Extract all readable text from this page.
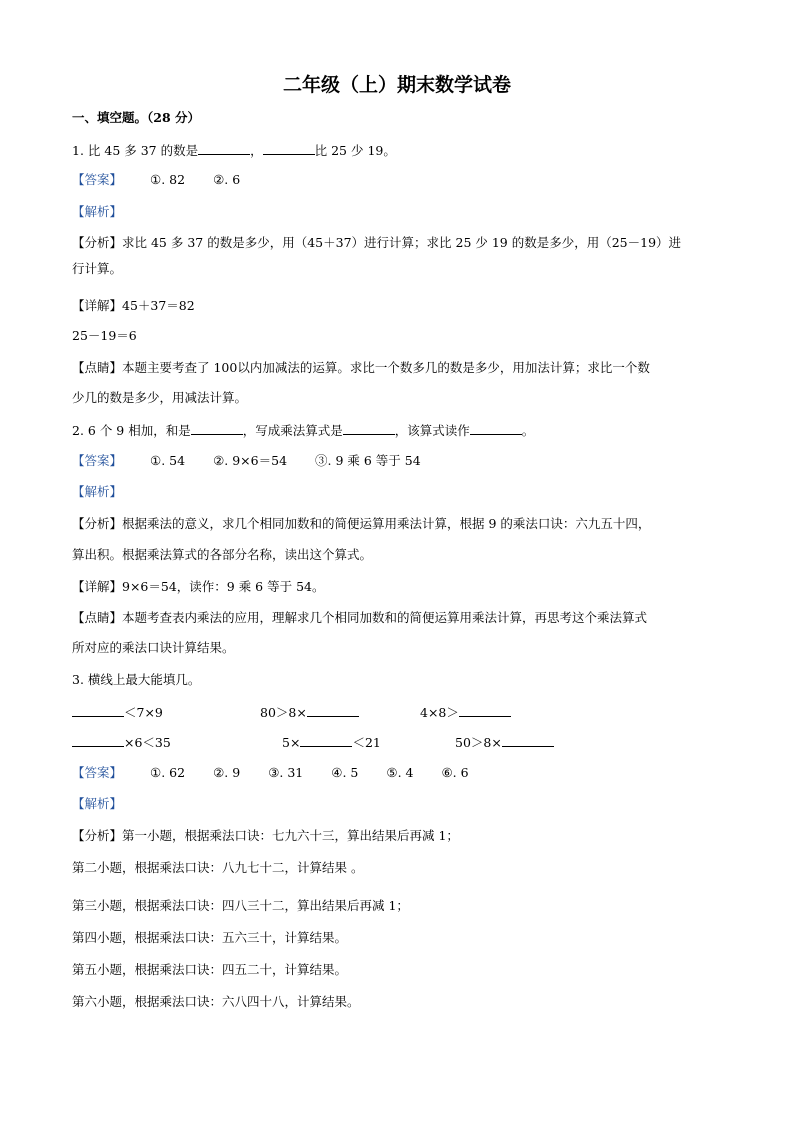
二年级（上）期末数学试卷
一、填空题。（28 分）
1. 比 45 多 37 的数是	，	比 25 少 19。
【答案】 ①. 82 ②. 6
【解析】
【分析】求比 45 多 37 的数是多少，用（45＋37）进行计算；求比 25 少 19 的数是多少，用（25－19）进
行计算。
【详解】45＋37＝82
25－19＝6
【点睛】本题主要考查了 100以内加减法的运算。求比一个数多几的数是多少，用加法计算；求比一个数
少几的数是多少，用减法计算。
2. 6 个 9 相加，和是	，写成乘法算式是	，该算式读作	。
【答案】 ①. 54 ②. 9×6＝54 ③. 9 乘 6 等于 54
【解析】
【分析】根据乘法的意义，求几个相同加数和的简便运算用乘法计算，根据 9 的乘法口诀：六九五十四，
算出积。根据乘法算式的各部分名称，读出这个算式。
【详解】9×6＝54，读作：9 乘 6 等于 54。
【点睛】本题考查表内乘法的应用，理解求几个相同加数和的简便运算用乘法计算，再思考这个乘法算式
所对应的乘法口诀计算结果。
3. 横线上最大能填几。
＜7×9	80＞8×	4×8＞
×6＜35	5×	＜21	50＞8×
【答案】 ①. 62 ②. 9 ③. 31 ④. 5 ⑤. 4 ⑥. 6
【解析】
【分析】第一小题，根据乘法口诀：七九六十三，算出结果后再减 1；
第二小题，根据乘法口诀：八九七十二，计算结果 。
第三小题，根据乘法口诀：四八三十二，算出结果后再减 1；
第四小题，根据乘法口诀：五六三十，计算结果。
第五小题，根据乘法口诀：四五二十，计算结果。
第六小题，根据乘法口诀：六八四十八，计算结果。
